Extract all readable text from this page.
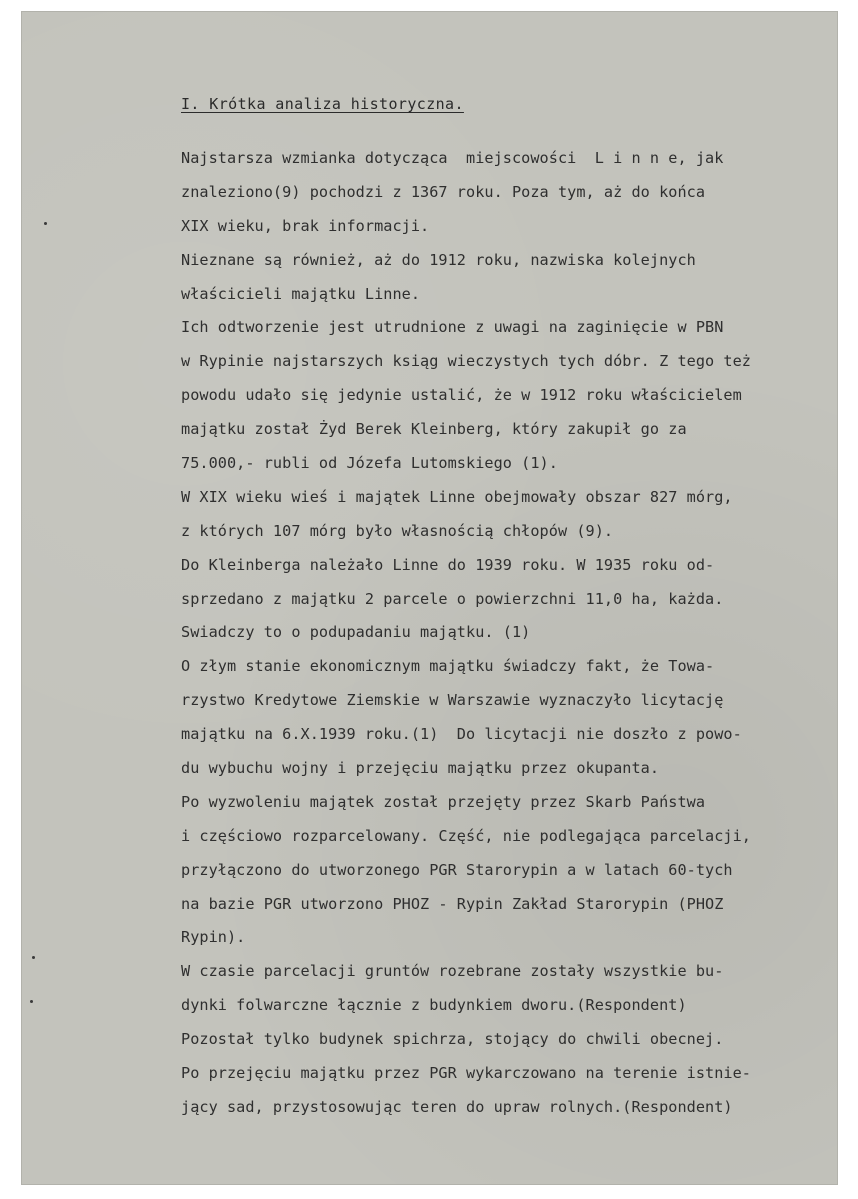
I. Krótka analiza historyczna.
Najstarsza wzmianka dotycząca  miejscowości  L i n n e, jak
znaleziono(9) pochodzi z 1367 roku. Poza tym, aż do końca
XIX wieku, brak informacji.
Nieznane są również, aż do 1912 roku, nazwiska kolejnych
właścicieli majątku Linne.
Ich odtworzenie jest utrudnione z uwagi na zaginięcie w PBN
w Rypinie najstarszych ksiąg wieczystych tych dóbr. Z tego też
powodu udało się jedynie ustalić, że w 1912 roku właścicielem
majątku został Żyd Berek Kleinberg, który zakupił go za
75.000,- rubli od Józefa Lutomskiego (1).
W XIX wieku wieś i majątek Linne obejmowały obszar 827 mórg,
z których 107 mórg było własnością chłopów (9).
Do Kleinberga należało Linne do 1939 roku. W 1935 roku od-
sprzedano z majątku 2 parcele o powierzchni 11,0 ha, każda.
Swiadczy to o podupadaniu majątku. (1)
O złym stanie ekonomicznym majątku świadczy fakt, że Towa-
rzystwo Kredytowe Ziemskie w Warszawie wyznaczyło licytację
majątku na 6.X.1939 roku.(1)  Do licytacji nie doszło z powo-
du wybuchu wojny i przejęciu majątku przez okupanta.
Po wyzwoleniu majątek został przejęty przez Skarb Państwa
i częściowo rozparcelowany. Część, nie podlegająca parcelacji,
przyłączono do utworzonego PGR Starorypin a w latach 60-tych
na bazie PGR utworzono PHOZ - Rypin Zakład Starorypin (PHOZ
Rypin).
W czasie parcelacji gruntów rozebrane zostały wszystkie bu-
dynki folwarczne łącznie z budynkiem dworu.(Respondent)
Pozostał tylko budynek spichrza, stojący do chwili obecnej.
Po przejęciu majątku przez PGR wykarczowano na terenie istnie-
jący sad, przystosowując teren do upraw rolnych.(Respondent)
